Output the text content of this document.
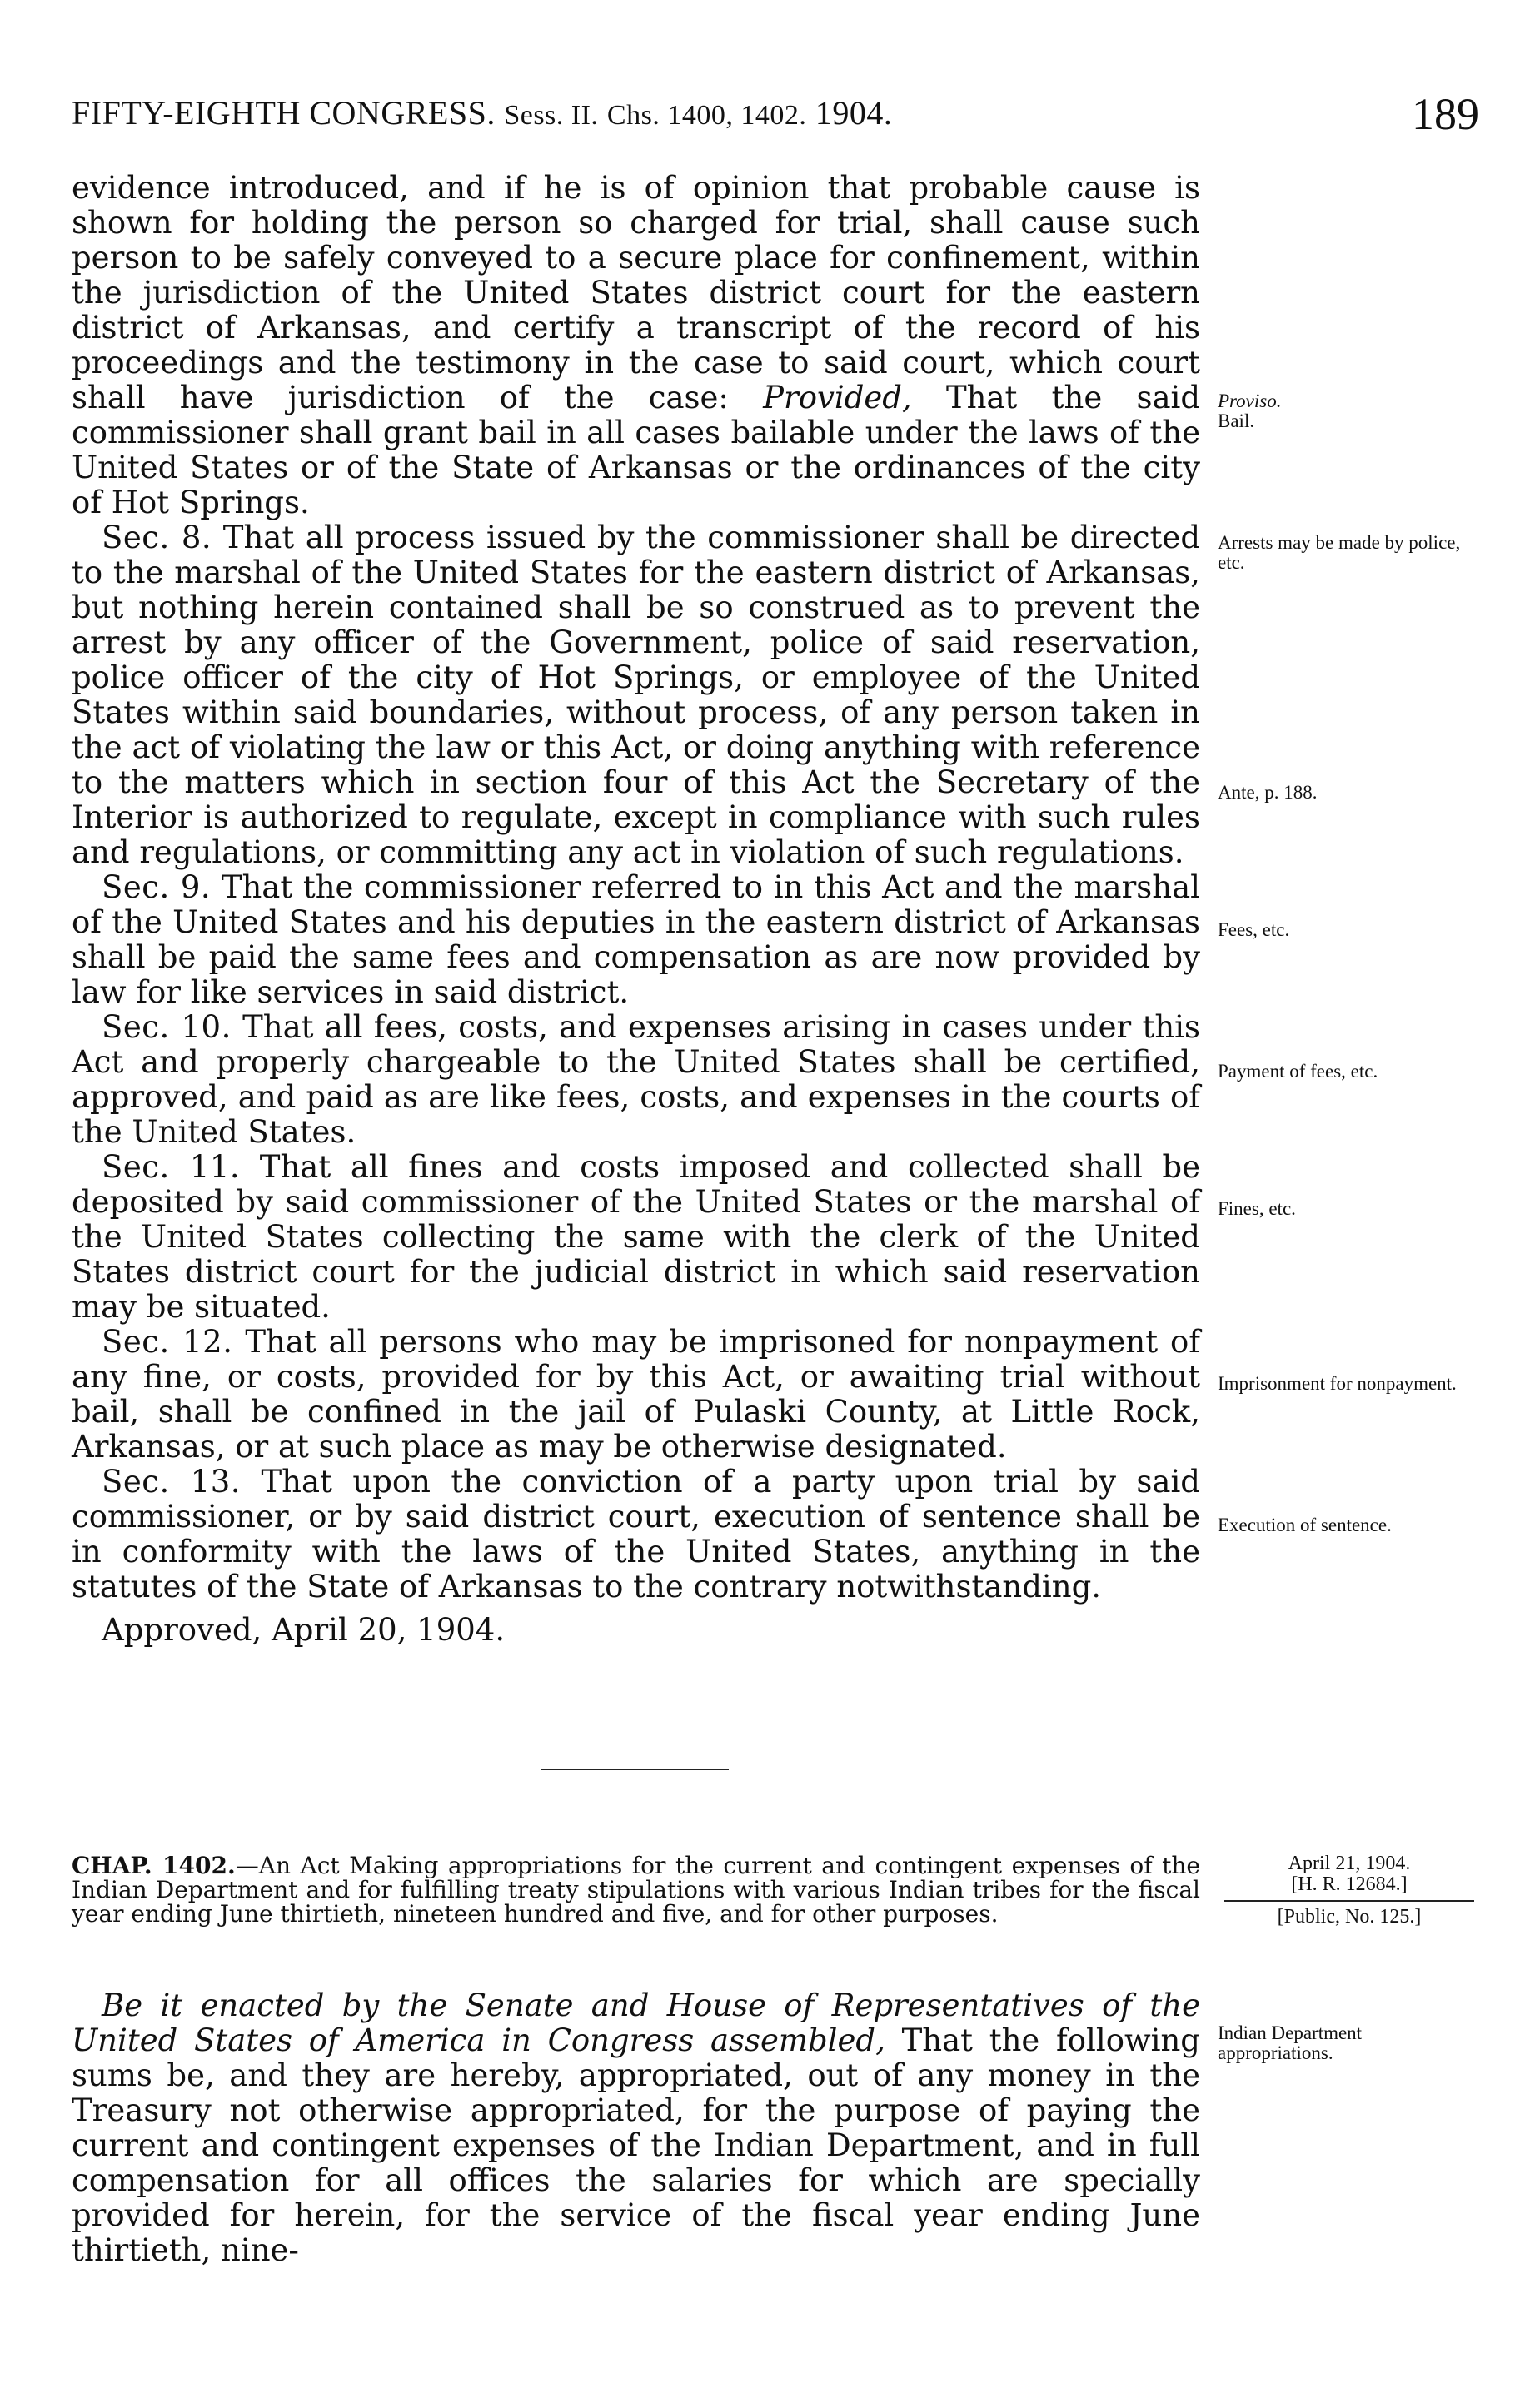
FIFTY-EIGHTH CONGRESS. Sess. II. Chs. 1400, 1402. 1904.	189

evidence introduced, and if he is of opinion that probable cause is shown for holding the person so charged for trial, shall cause such person to be safely conveyed to a secure place for confinement, within the jurisdiction of the United States district court for the eastern district of Arkansas, and certify a transcript of the record of his proceedings and the testimony in the case to said court, which court shall have jurisdiction of the case: Provided, That the said commissioner shall grant bail in all cases bailable under the laws of the United States or of the State of Arkansas or the ordinances of the city of Hot Springs.

Sec. 8. That all process issued by the commissioner shall be directed to the marshal of the United States for the eastern district of Arkansas, but nothing herein contained shall be so construed as to prevent the arrest by any officer of the Government, police of said reservation, police officer of the city of Hot Springs, or employee of the United States within said boundaries, without process, of any person taken in the act of violating the law or this Act, or doing anything with reference to the matters which in section four of this Act the Secretary of the Interior is authorized to regulate, except in compliance with such rules and regulations, or committing any act in violation of such regulations.

Sec. 9. That the commissioner referred to in this Act and the marshal of the United States and his deputies in the eastern district of Arkansas shall be paid the same fees and compensation as are now provided by law for like services in said district.

Sec. 10. That all fees, costs, and expenses arising in cases under this Act and properly chargeable to the United States shall be certified, approved, and paid as are like fees, costs, and expenses in the courts of the United States.

Sec. 11. That all fines and costs imposed and collected shall be deposited by said commissioner of the United States or the marshal of the United States collecting the same with the clerk of the United States district court for the judicial district in which said reservation may be situated.

Sec. 12. That all persons who may be imprisoned for nonpayment of any fine, or costs, provided for by this Act, or awaiting trial without bail, shall be confined in the jail of Pulaski County, at Little Rock, Arkansas, or at such place as may be otherwise designated.

Sec. 13. That upon the conviction of a party upon trial by said commissioner, or by said district court, execution of sentence shall be in conformity with the laws of the United States, anything in the statutes of the State of Arkansas to the contrary notwithstanding.

Approved, April 20, 1904.

Proviso.
Bail.
Arrests may be made by police, etc.
Ante, p. 188.
Fees, etc.
Payment of fees, etc.
Fines, etc.
Imprisonment for nonpayment.
Execution of sentence.

CHAP. 1402.—An Act Making appropriations for the current and contingent expenses of the Indian Department and for fulfilling treaty stipulations with various Indian tribes for the fiscal year ending June thirtieth, nineteen hundred and five, and for other purposes.

April 21, 1904.
[H. R. 12684.]
[Public, No. 125.]

Be it enacted by the Senate and House of Representatives of the United States of America in Congress assembled, That the following sums be, and they are hereby, appropriated, out of any money in the Treasury not otherwise appropriated, for the purpose of paying the current and contingent expenses of the Indian Department, and in full compensation for all offices the salaries for which are specially provided for herein, for the service of the fiscal year ending June thirtieth, nine-

Indian Department appropriations.
